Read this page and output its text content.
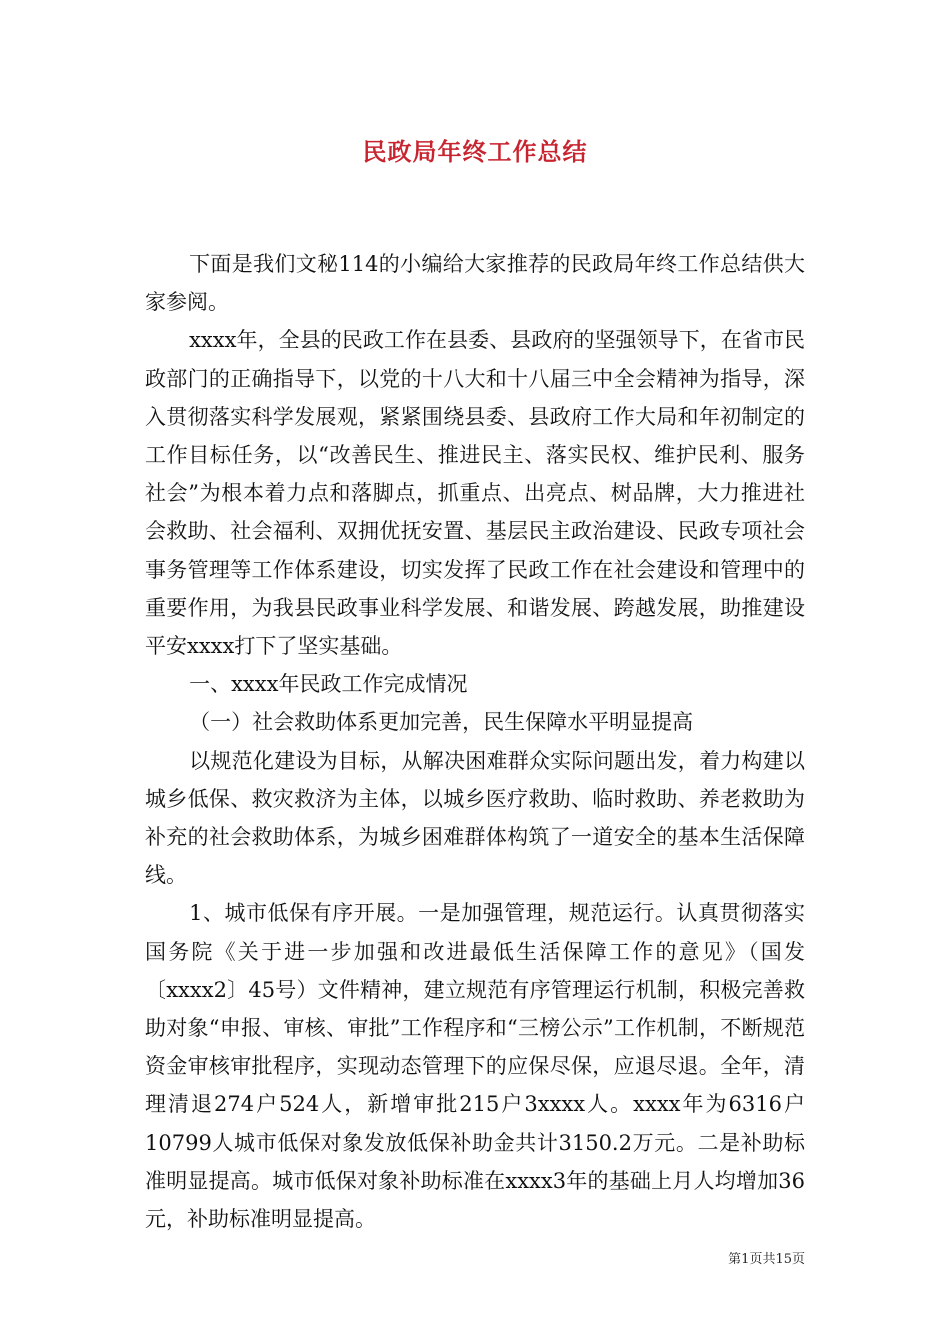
民政局年终工作总结

下面是我们文秘114的小编给大家推荐的民政局年终工作总结供大家参阅。

xxxx年，全县的民政工作在县委、县政府的坚强领导下，在省市民政部门的正确指导下，以党的十八大和十八届三中全会精神为指导，深入贯彻落实科学发展观，紧紧围绕县委、县政府工作大局和年初制定的工作目标任务，以“改善民生、推进民主、落实民权、维护民利、服务社会”为根本着力点和落脚点，抓重点、出亮点、树品牌，大力推进社会救助、社会福利、双拥优抚安置、基层民主政治建设、民政专项社会事务管理等工作体系建设，切实发挥了民政工作在社会建设和管理中的重要作用，为我县民政事业科学发展、和谐发展、跨越发展，助推建设平安xxxx打下了坚实基础。

一、xxxx年民政工作完成情况

（一）社会救助体系更加完善，民生保障水平明显提高

以规范化建设为目标，从解决困难群众实际问题出发，着力构建以城乡低保、救灾救济为主体，以城乡医疗救助、临时救助、养老救助为补充的社会救助体系，为城乡困难群体构筑了一道安全的基本生活保障线。

1、城市低保有序开展。一是加强管理，规范运行。认真贯彻落实国务院《关于进一步加强和改进最低生活保障工作的意见》（国发〔xxxx2〕45号）文件精神，建立规范有序管理运行机制，积极完善救助对象“申报、审核、审批”工作程序和“三榜公示”工作机制，不断规范资金审核审批程序，实现动态管理下的应保尽保，应退尽退。全年，清理清退274户524人，新增审批215户3xxxx人。xxxx年为6316户10799人城市低保对象发放低保补助金共计3150.2万元。二是补助标准明显提高。城市低保对象补助标准在xxxx3年的基础上月人均增加36元，补助标准明显提高。

第1页共15页
